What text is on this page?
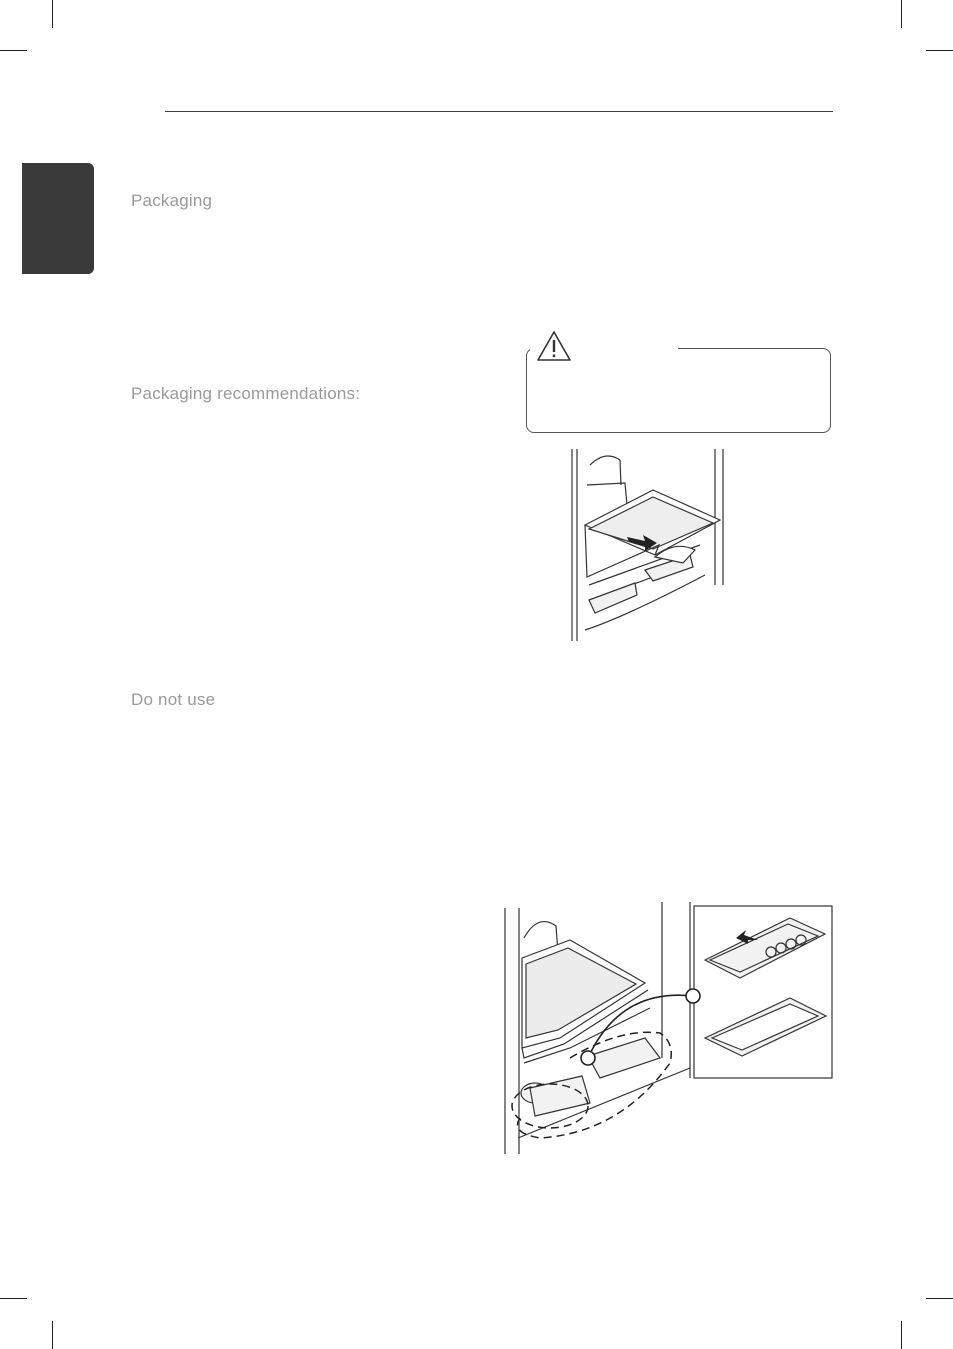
Packaging
Packaging recommendations:
Do not use
